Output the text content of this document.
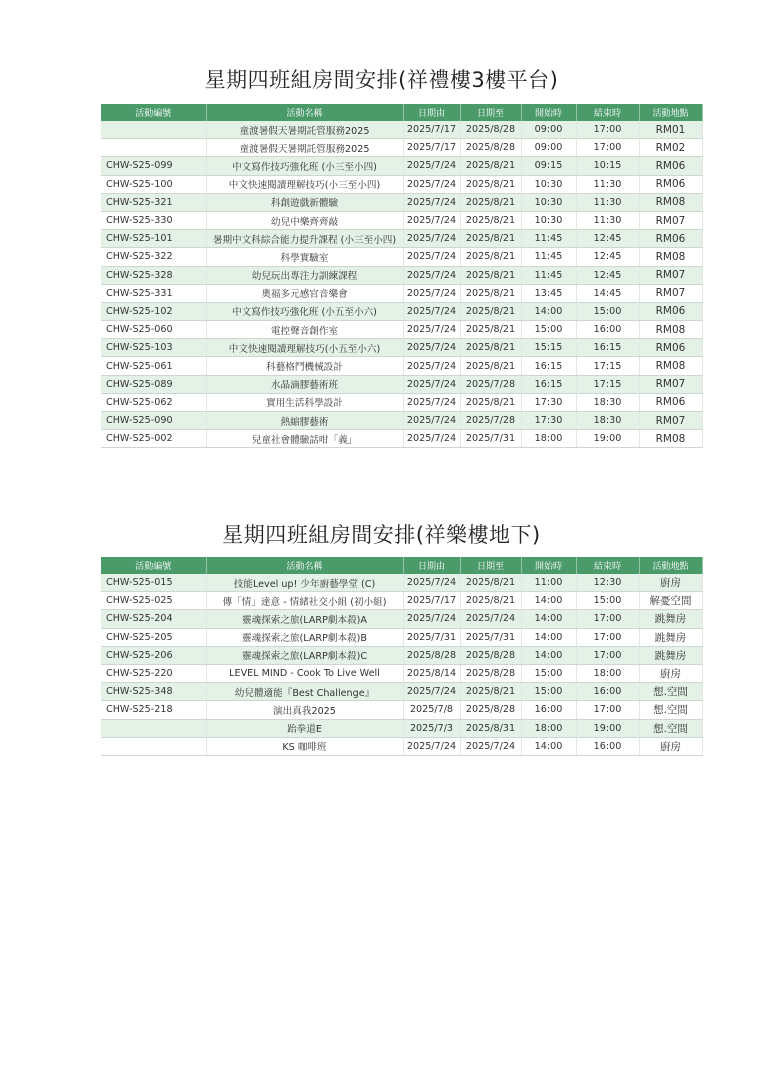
星期四班組房間安排(祥禮樓3樓平台)
活動編號	活動名稱	日期由	日期至	開始時	結束時	活動地點
	童渡暑假天暑期託管服務2025	2025/7/17	2025/8/28	09:00	17:00	RM01
	童渡暑假天暑期託管服務2025	2025/7/17	2025/8/28	09:00	17:00	RM02
CHW-S25-099	中文寫作技巧強化班 (小三至小四)	2025/7/24	2025/8/21	09:15	10:15	RM06
CHW-S25-100	中文快速閱讀理解技巧(小三至小四)	2025/7/24	2025/8/21	10:30	11:30	RM06
CHW-S25-321	科創遊戲新體驗	2025/7/24	2025/8/21	10:30	11:30	RM08
CHW-S25-330	幼兒中樂齊齊敲	2025/7/24	2025/8/21	10:30	11:30	RM07
CHW-S25-101	暑期中文科綜合能力提升課程 (小三至小四)	2025/7/24	2025/8/21	11:45	12:45	RM06
CHW-S25-322	科學實驗室	2025/7/24	2025/8/21	11:45	12:45	RM08
CHW-S25-328	幼兒玩出專注力訓練課程	2025/7/24	2025/8/21	11:45	12:45	RM07
CHW-S25-331	奧福多元感官音樂會	2025/7/24	2025/8/21	13:45	14:45	RM07
CHW-S25-102	中文寫作技巧強化班 (小五至小六)	2025/7/24	2025/8/21	14:00	15:00	RM06
CHW-S25-060	電控聲音創作室	2025/7/24	2025/8/21	15:00	16:00	RM08
CHW-S25-103	中文快速閱讀理解技巧(小五至小六)	2025/7/24	2025/8/21	15:15	16:15	RM06
CHW-S25-061	科藝格鬥機械設計	2025/7/24	2025/8/21	16:15	17:15	RM08
CHW-S25-089	水晶滴膠藝術班	2025/7/24	2025/7/28	16:15	17:15	RM07
CHW-S25-062	實用生活科學設計	2025/7/24	2025/8/21	17:30	18:30	RM06
CHW-S25-090	熱縮膠藝術	2025/7/24	2025/7/28	17:30	18:30	RM07
CHW-S25-002	兒童社會體驗話咁「義」	2025/7/24	2025/7/31	18:00	19:00	RM08
星期四班組房間安排(祥樂樓地下)
活動編號	活動名稱	日期由	日期至	開始時	結束時	活動地點
CHW-S25-015	技能Level up! 少年廚藝學堂 (C)	2025/7/24	2025/8/21	11:00	12:30	廚房
CHW-S25-025	傳「情」達意 - 情緒社交小組 (初小組)	2025/7/17	2025/8/21	14:00	15:00	解憂空間
CHW-S25-204	靈魂探索之旅(LARP劇本殺)A	2025/7/24	2025/7/24	14:00	17:00	跳舞房
CHW-S25-205	靈魂探索之旅(LARP劇本殺)B	2025/7/31	2025/7/31	14:00	17:00	跳舞房
CHW-S25-206	靈魂探索之旅(LARP劇本殺)C	2025/8/28	2025/8/28	14:00	17:00	跳舞房
CHW-S25-220	LEVEL MIND - Cook To Live Well	2025/8/14	2025/8/28	15:00	18:00	廚房
CHW-S25-348	幼兒體適能『Best Challenge』	2025/7/24	2025/8/21	15:00	16:00	想.空間
CHW-S25-218	演出真我2025	2025/7/8	2025/8/28	16:00	17:00	想.空間
	跆拳道E	2025/7/3	2025/8/31	18:00	19:00	想.空間
	KS 咖啡班	2025/7/24	2025/7/24	14:00	16:00	廚房
